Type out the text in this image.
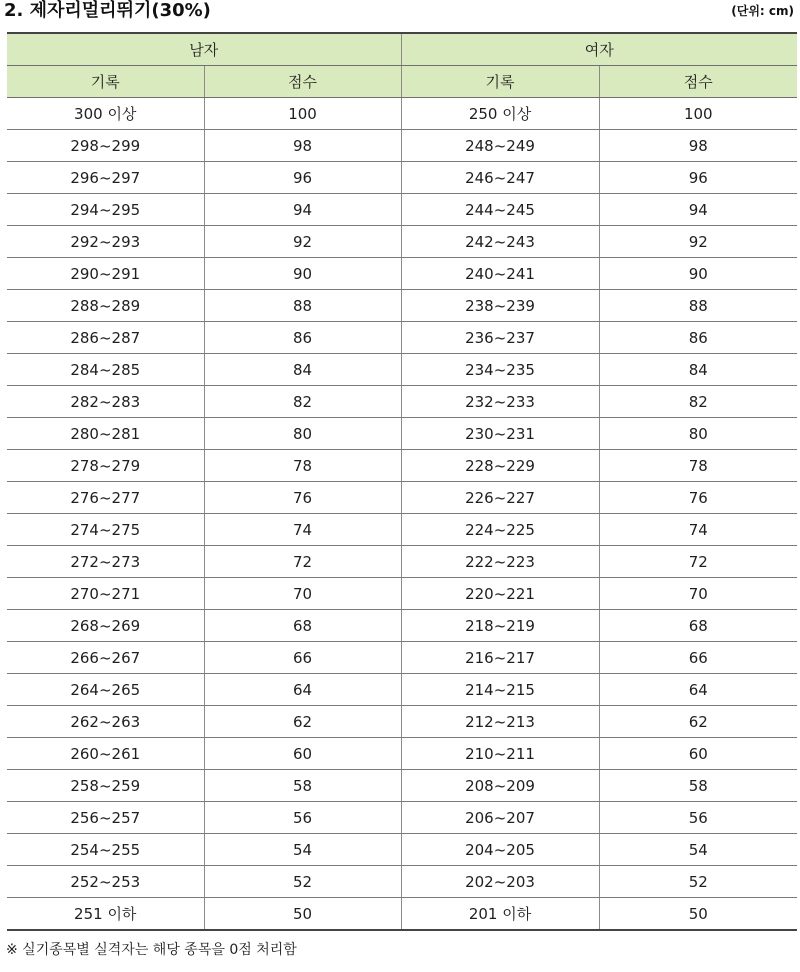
2. 제자리멀리뛰기(30%)	(단위: cm)
남자		여자	
기록	점수	기록	점수
300 이상	100	250 이상	100
298~299	98	248~249	98
296~297	96	246~247	96
294~295	94	244~245	94
292~293	92	242~243	92
290~291	90	240~241	90
288~289	88	238~239	88
286~287	86	236~237	86
284~285	84	234~235	84
282~283	82	232~233	82
280~281	80	230~231	80
278~279	78	228~229	78
276~277	76	226~227	76
274~275	74	224~225	74
272~273	72	222~223	72
270~271	70	220~221	70
268~269	68	218~219	68
266~267	66	216~217	66
264~265	64	214~215	64
262~263	62	212~213	62
260~261	60	210~211	60
258~259	58	208~209	58
256~257	56	206~207	56
254~255	54	204~205	54
252~253	52	202~203	52
251 이하	50	201 이하	50
※ 실기종목별 실격자는 해당 종목을 0점 처리함
